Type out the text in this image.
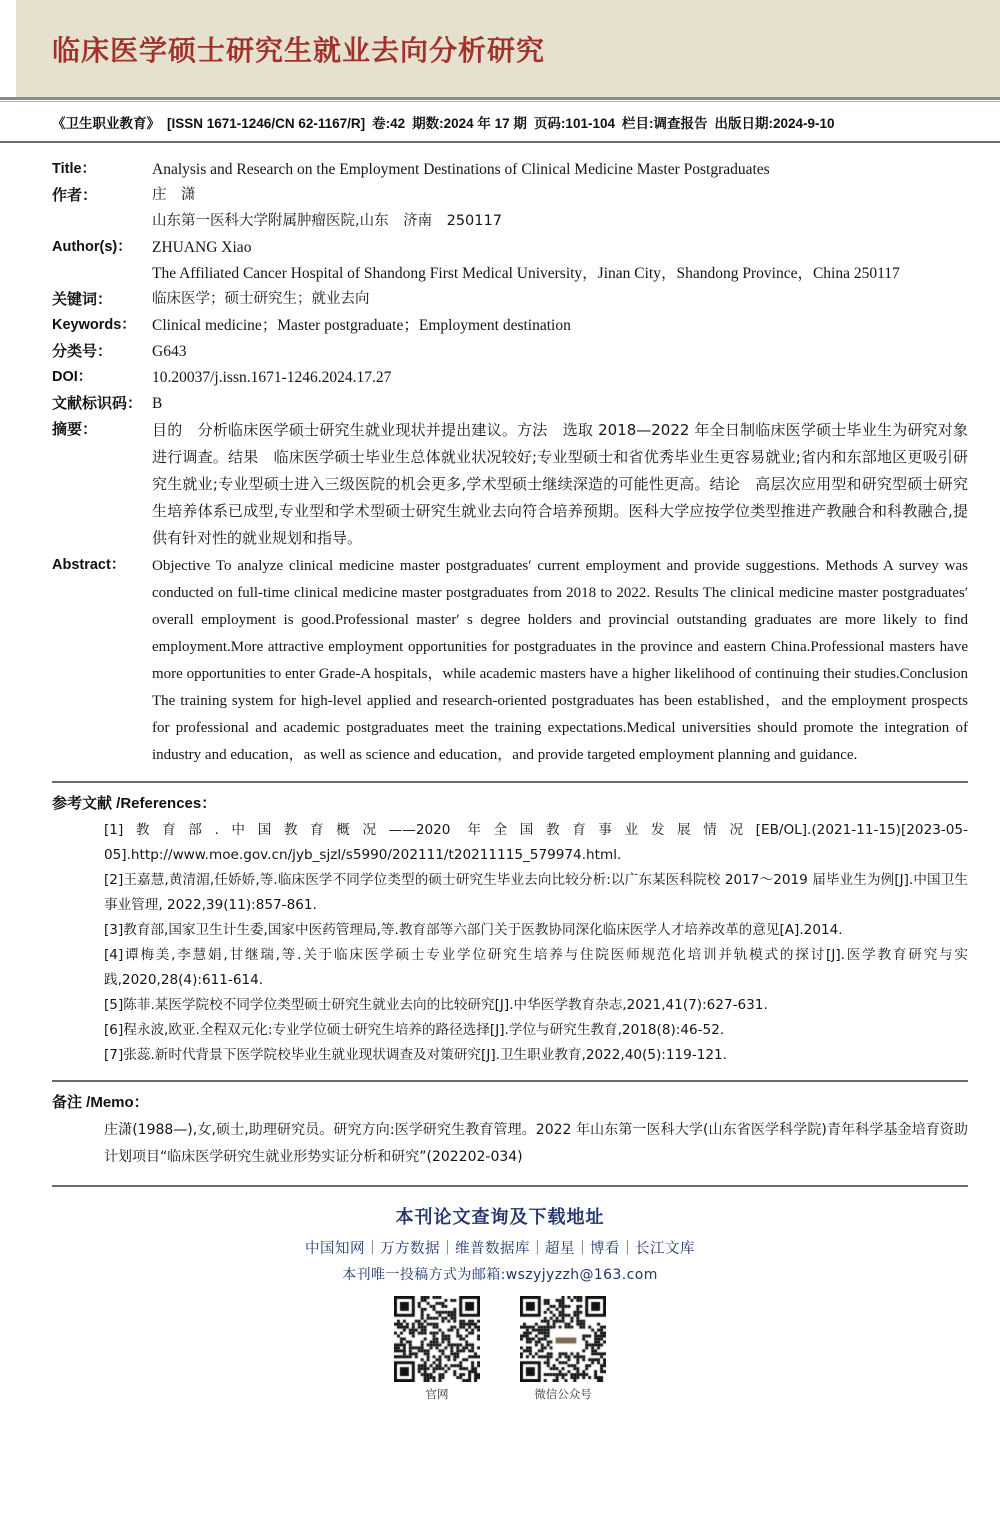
临床医学硕士研究生就业去向分析研究
《卫生职业教育》 [ISSN 1671-1246/CN 62-1167/R] 卷:42 期数:2024 年 17 期 页码:101-104 栏目:调查报告 出版日期:2024-9-10
Title：	Analysis and Research on the Employment Destinations of Clinical Medicine Master Postgraduates
作者：	庄　潇
山东第一医科大学附属肿瘤医院,山东　济南　250117
Author(s)：	ZHUANG Xiao
The Affiliated Cancer Hospital of Shandong First Medical University，Jinan City，Shandong Province，China 250117
关键词：	临床医学；硕士研究生；就业去向
Keywords：	Clinical medicine；Master postgraduate；Employment destination
分类号：	G643
DOI：	10.20037/j.issn.1671-1246.2024.17.27
文献标识码： B
摘要：	目的　分析临床医学硕士研究生就业现状并提出建议。方法　选取 2018—2022 年全日制临床医学硕士毕业生为研究对象进行调查。结果　临床医学硕士毕业生总体就业状况较好;专业型硕士和省优秀毕业生更容易就业;省内和东部地区更吸引研究生就业;专业型硕士进入三级医院的机会更多,学术型硕士继续深造的可能性更高。结论　高层次应用型和研究型硕士研究生培养体系已成型,专业型和学术型硕士研究生就业去向符合培养预期。医科大学应按学位类型推进产教融合和科教融合,提供有针对性的就业规划和指导。
Abstract：	Objective To analyze clinical medicine master postgraduates′ current employment and provide suggestions. Methods A survey was conducted on full-time clinical medicine master postgraduates from 2018 to 2022. Results The clinical medicine master postgraduates′ overall employment is good.Professional master′ s degree holders and provincial outstanding graduates are more likely to find employment.More attractive employment opportunities for postgraduates in the province and eastern China.Professional masters have more opportunities to enter Grade-A hospitals，while academic masters have a higher likelihood of continuing their studies.Conclusion The training system for high-level applied and research-oriented postgraduates has been established，and the employment prospects for professional and academic postgraduates meet the training expectations.Medical universities should promote the integration of industry and education，as well as science and education，and provide targeted employment planning and guidance.
参考文献 /References：
[1]教育部.中国教育概况——2020 年全国教育事业发展情况[EB/OL].(2021-11-15)[2023-05-05].http://www.moe.gov.cn/jyb_sjzl/s5990/202111/t20211115_579974.html.
[2]王嘉慧,黄清湄,任娇娇,等.临床医学不同学位类型的硕士研究生毕业去向比较分析:以广东某医科院校 2017～2019 届毕业生为例[J].中国卫生事业管理, 2022,39(11):857-861.
[3]教育部,国家卫生计生委,国家中医药管理局,等.教育部等六部门关于医教协同深化临床医学人才培养改革的意见[A].2014.
[4]谭梅美,李慧娟,甘继瑞,等.关于临床医学硕士专业学位研究生培养与住院医师规范化培训并轨模式的探讨[J].医学教育研究与实践,2020,28(4):611-614.
[5]陈菲.某医学院校不同学位类型硕士研究生就业去向的比较研究[J].中华医学教育杂志,2021,41(7):627-631.
[6]程永波,欧亚.全程双元化:专业学位硕士研究生培养的路径选择[J].学位与研究生教育,2018(8):46-52.
[7]张蕊.新时代背景下医学院校毕业生就业现状调查及对策研究[J].卫生职业教育,2022,40(5):119-121.
备注 /Memo：
庄潇(1988—),女,硕士,助理研究员。研究方向:医学研究生教育管理。2022 年山东第一医科大学(山东省医学科学院)青年科学基金培育资助计划项目“临床医学研究生就业形势实证分析和研究”(202202-034)
本刊论文查询及下载地址
中国知网｜万方数据｜维普数据库｜超星｜博看｜长江文库
本刊唯一投稿方式为邮箱:wszyjyzzh@163.com
官网	微信公众号
